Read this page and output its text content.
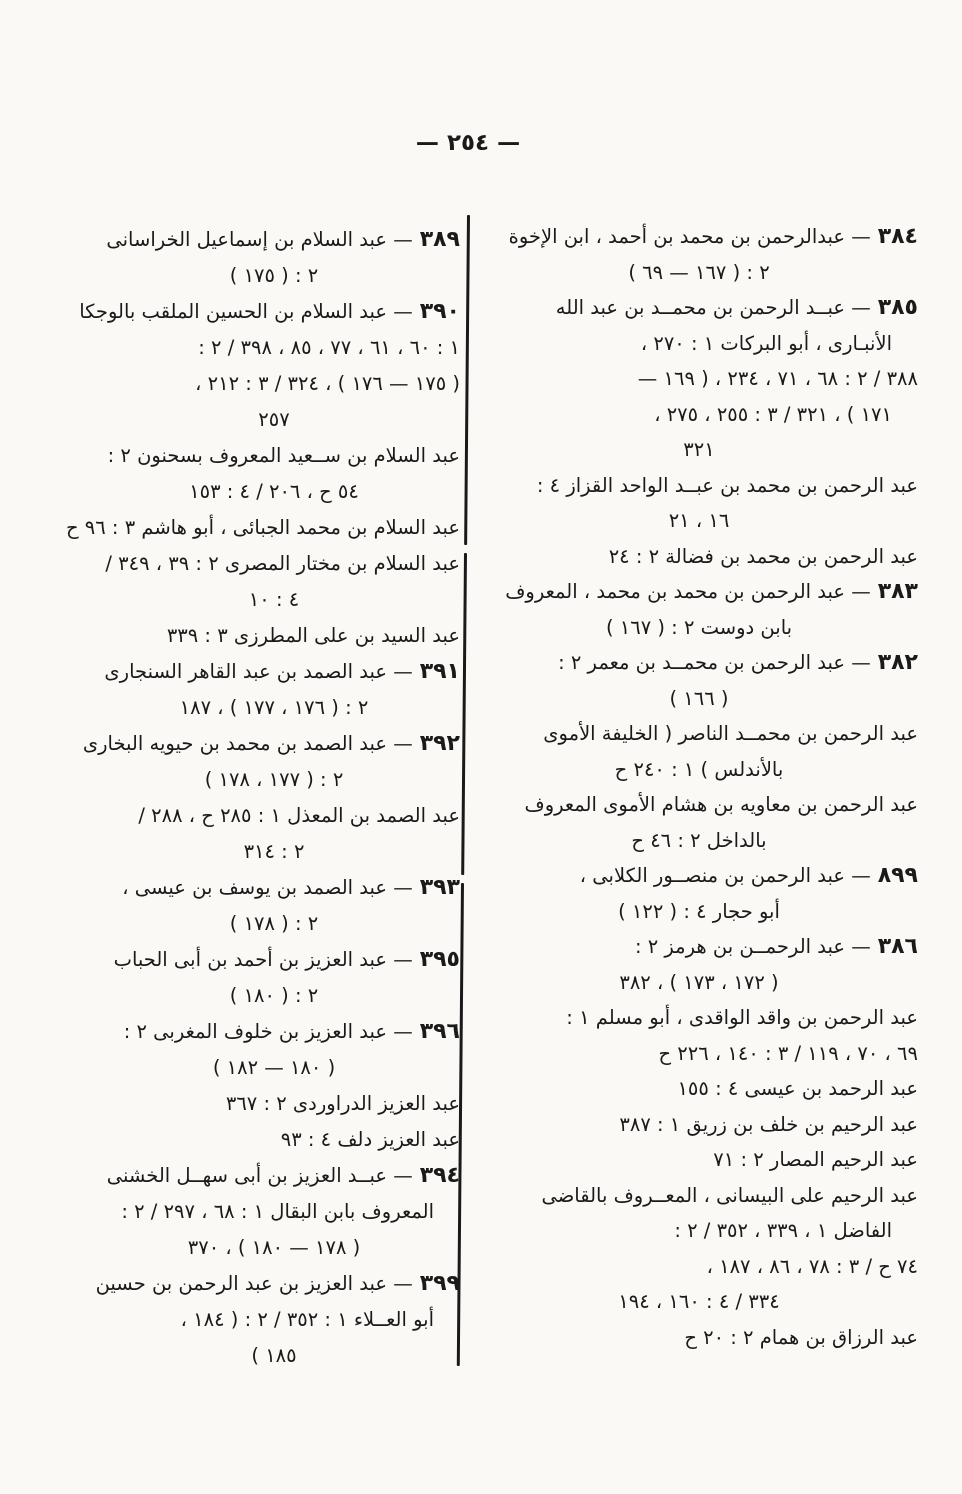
— ٢٥٤ —
٣٨٤— عبدالرحمن بن محمد بن أحمد ، ابن الإخوة
٢ : ( ١٦٧ — ٦٩ )
٣٨٥— عبــد الرحمن بن محمــد بن عبد الله
الأنبـارى ، أبو البركات ١ : ٢٧٠ ،
٣٨٨ / ٢ : ٦٨ ، ٧١ ، ٢٣٤ ، ( ١٦٩ —
١٧١ ) ، ٣٢١ / ٣ : ٢٥٥ ، ٢٧٥ ،
٣٢١
عبد الرحمن بن محمد بن عبــد الواحد القزاز ٤ :
١٦ ، ٢١
عبد الرحمن بن محمد بن فضالة ٢ : ٢٤
٣٨٣— عبد الرحمن بن محمد بن محمد ، المعروف
بابن دوست ٢ : ( ١٦٧ )
٣٨٢— عبد الرحمن بن محمــد بن معمر ٢ :
( ١٦٦ )
عبد الرحمن بن محمــد الناصر ( الخليفة الأموى
بالأندلس ) ١ : ٢٤٠ ح
عبد الرحمن بن معاويه بن هشام الأموى المعروف
بالداخل ٢ : ٤٦ ح
٨٩٩— عبد الرحمن بن منصــور الكلابى ،
أبو حجار ٤ : ( ١٢٢ )
٣٨٦— عبد الرحمــن بن هرمز ٢ :
( ١٧٢ ، ١٧٣ ) ، ٣٨٢
عبد الرحمن بن واقد الواقدى ، أبو مسلم ١ :
٦٩ ، ٧٠ ، ١١٩ / ٣ : ١٤٠ ، ٢٢٦ ح
عبد الرحمد بن عيسى ٤ : ١٥٥
عبد الرحيم بن خلف بن زريق ١ : ٣٨٧
عبد الرحيم المصار ٢ : ٧١
عبد الرحيم على البيسانى ، المعــروف بالقاضى
الفاضل ١ ، ٣٣٩ ، ٣٥٢ / ٢ :
٧٤ ح / ٣ : ٧٨ ، ٨٦ ، ١٨٧ ،
٣٣٤ / ٤ : ١٦٠ ، ١٩٤
عبد الرزاق بن همام ٢ : ٢٠ ح
٣٨٩— عبد السلام بن إسماعيل الخراسانى
٢ : ( ١٧٥ )
٣٩٠— عبد السلام بن الحسين الملقب بالوجكا
١ : ٦٠ ، ٦١ ، ٧٧ ، ٨٥ ، ٣٩٨ / ٢ :
( ١٧٥ — ١٧٦ ) ، ٣٢٤ / ٣ : ٢١٢ ،
٢٥٧
عبد السلام بن ســعيد المعروف بسحنون ٢ :
٥٤ ح ، ٢٠٦ / ٤ : ١٥٣
عبد السلام بن محمد الجبائى ، أبو هاشم ٣ : ٩٦ ح
عبد السلام بن مختار المصرى ٢ : ٣٩ ، ٣٤٩ /
٤ : ١٠
عبد السيد بن على المطرزى ٣ : ٣٣٩
٣٩١— عبد الصمد بن عبد القاهر السنجارى
٢ : ( ١٧٦ ، ١٧٧ ) ، ١٨٧
٣٩٢— عبد الصمد بن محمد بن حيويه البخارى
٢ : ( ١٧٧ ، ١٧٨ )
عبد الصمد بن المعذل ١ : ٢٨٥ ح ، ٢٨٨ /
٢ : ٣١٤
٣٩٣— عبد الصمد بن يوسف بن عيسى ،
٢ : ( ١٧٨ )
٣٩٥— عبد العزيز بن أحمد بن أبى الحباب
٢ : ( ١٨٠ )
٣٩٦— عبد العزيز بن خلوف المغربى ٢ :
( ١٨٠ — ١٨٢ )
عبد العزيز الدراوردى ٢ : ٣٦٧
عبد العزيز دلف ٤ : ٩٣
٣٩٤— عبــد العزيز بن أبى سهــل الخشنى
المعروف بابن البقال ١ : ٦٨ ، ٢٩٧ / ٢ :
( ١٧٨ — ١٨٠ ) ، ٣٧٠
٣٩٩— عبد العزيز بن عبد الرحمن بن حسين
أبو العــلاء ١ : ٣٥٢ / ٢ : ( ١٨٤ ،
١٨٥ )
